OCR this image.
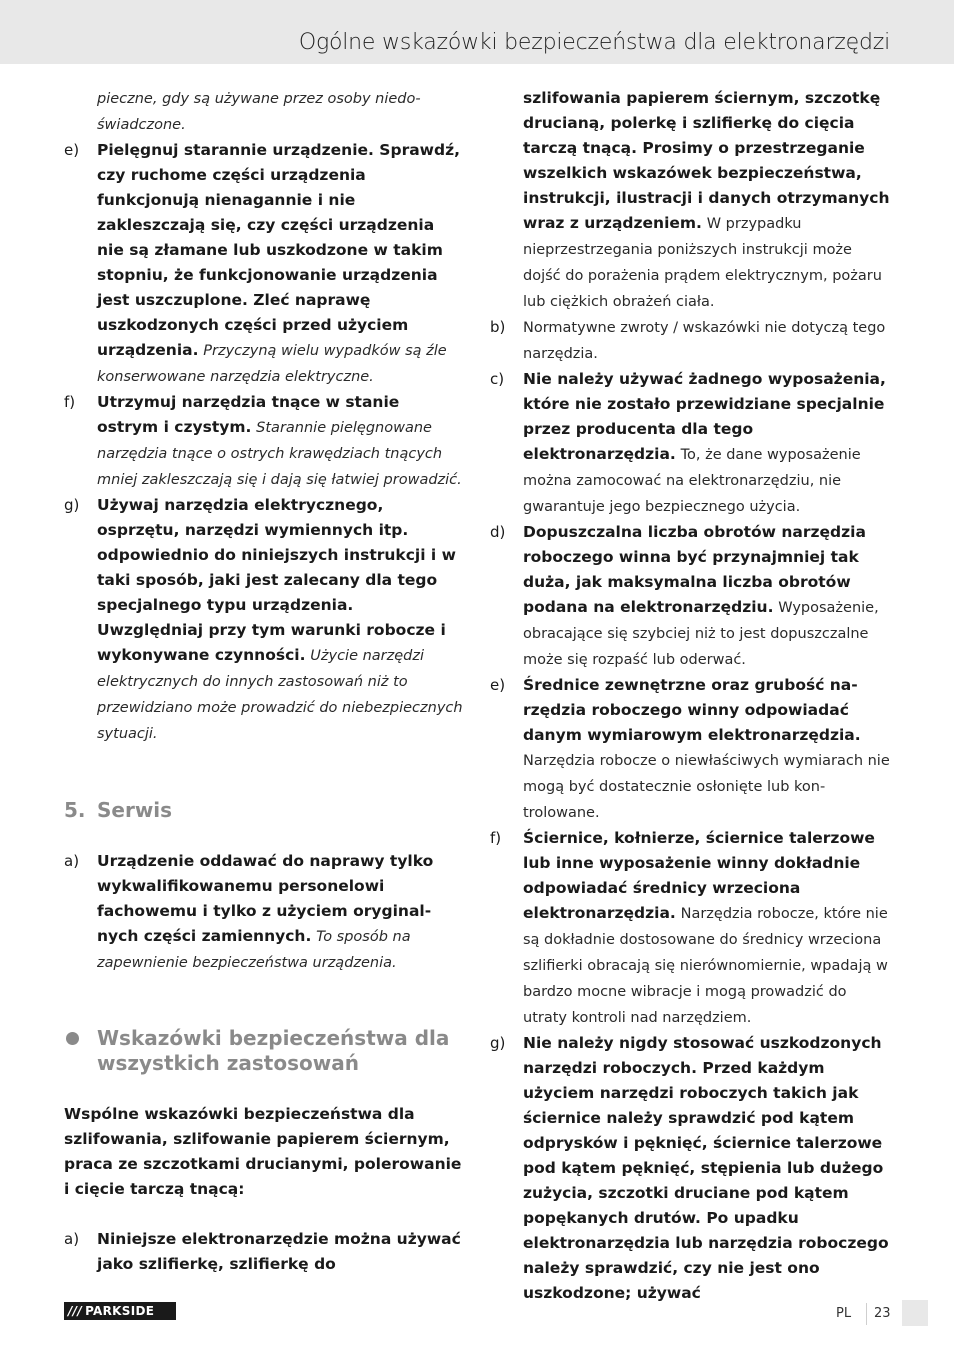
Ogólne wskazówki bezpieczeństwa dla elektronarzędzi

pieczne, gdy są używane przez osoby niedoświadczone.

e) Pielęgnuj starannie urządzenie. Sprawdź, czy ruchome części urządzenia funkcjonują nienagannie i nie zakleszczają się, czy części urządzenia nie są złamane lub uszkodzone w takim stopniu, że funkcjonowanie urządzenia jest uszczuplone. Zleć naprawę uszkodzonych części przed użyciem urządzenia. Przyczyną wielu wypadków są źle konserwowane narzędzia elektryczne.
f) Utrzymuj narzędzia tnące w stanie ostrym i czystym. Starannie pielęgnowane narzędzia tnące o ostrych krawędziach tnących mniej zakleszczają się i dają się łatwiej prowadzić.
g) Używaj narzędzia elektrycznego, osprzętu, narzędzi wymiennych itp. odpowiednio do niniejszych instrukcji i w taki sposób, jaki jest zalecany dla tego specjalnego typu urządzenia. Uwzględniaj przy tym warunki robocze i wykonywane czynności. Użycie narzędzi elektrycznych do innych zastosowań niż to przewidziano może prowadzić do niebezpiecznych sytuacji.
5. Serwis
a) Urządzenie oddawać do naprawy tylko wykwalifikowanemu personelowi fachowemu i tylko z użyciem oryginalnych części zamiennych. To sposób na zapewnienie bezpieczeństwa urządzenia.
Wskazówki bezpieczeństwa dla wszystkich zastosowań

Wspólne wskazówki bezpieczeństwa dla szlifowania, szlifowanie papierem ściernym, praca ze szczotkami drucianymi, polerowanie i cięcie tarczą tnącą:

a) Niniejsze elektronarzędzie można używać jako szlifierkę, szlifierkę do

szlifowania papierem ściernym, szczotkę drucianą, polerkę i szlifierkę do cięcia tarczą tnącą. Prosimy o przestrzeganie wszelkich wskazówek bezpieczeństwa, instrukcji, ilustracji i danych otrzymanych wraz z urządzeniem. W przypadku nieprzestrzegania poniższych instrukcji może dojść do porażenia prądem elektrycznym, pożaru lub ciężkich obrażeń ciała.

b) Normatywne zwroty / wskazówki nie dotyczą tego narzędzia.
c) Nie należy używać żadnego wyposażenia, które nie zostało przewidziane specjalnie przez producenta dla tego elektronarzędzia. To, że dane wyposażenie można zamocować na elektronarzędziu, nie gwarantuje jego bezpiecznego użycia.
d) Dopuszczalna liczba obrotów narzędzia roboczego winna być przynajmniej tak duża, jak maksymalna liczba obrotów podana na elektronarzędziu. Wyposażenie, obracające się szybciej niż to jest dopuszczalne może się rozpaść lub oderwać.
e) Średnice zewnętrzne oraz grubość narzędzia roboczego winny odpowiadać danym wymiarowym elektronarzędzia. Narzędzia robocze o niewłaściwych wymiarach nie mogą być dostatecznie osłonięte lub kontrolowane.
f) Ściernice, kołnierze, ściernice talerzowe lub inne wyposażenie winny dokładnie odpowiadać średnicy wrzeciona elektronarzędzia. Narzędzia robocze, które nie są dokładnie dostosowane do średnicy wrzeciona szlifierki obracają się nierównomiernie, wpadają w bardzo mocne wibracje i mogą prowadzić do utraty kontroli nad narzędziem.
g) Nie należy nigdy stosować uszkodzonych narzędzi roboczych. Przed każdym użyciem narzędzi roboczych takich jak ściernice należy sprawdzić pod kątem odprysków i pęknięć, ściernice talerzowe pod kątem pęknięć, stępienia lub dużego zużycia, szczotki druciane pod kątem popękanych drutów. Po upadku elektronarzędzia lub narzędzia roboczego należy sprawdzić, czy nie jest ono uszkodzone; używać
/// PARKSIDE	PL	23
